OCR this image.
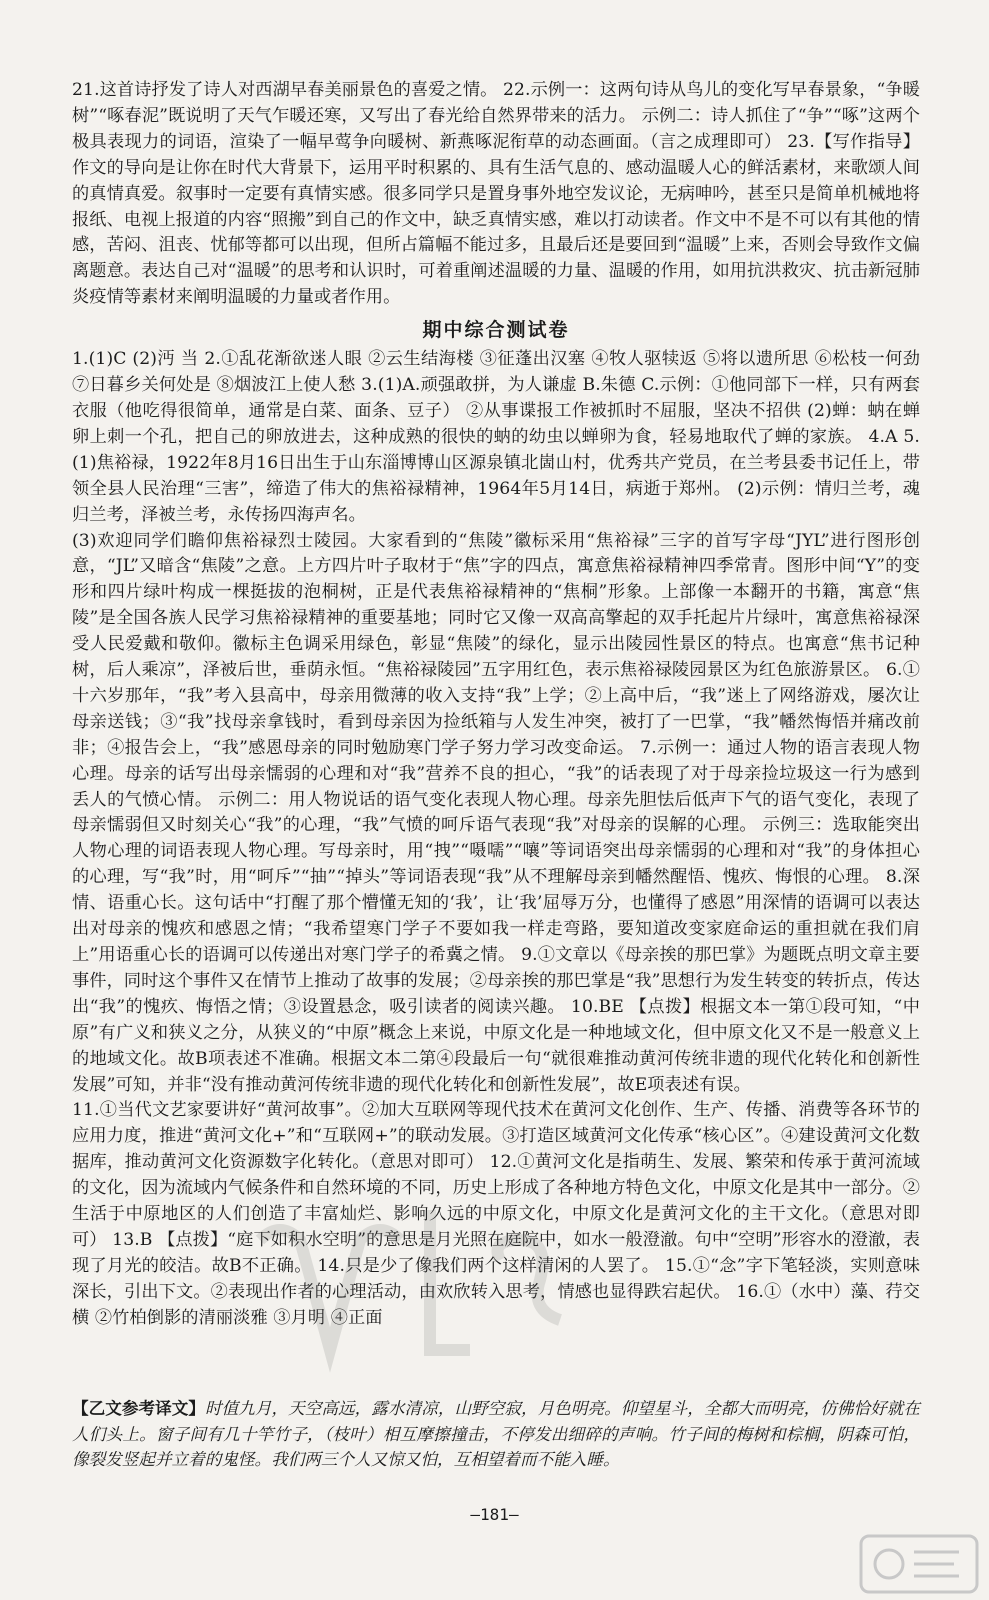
21.这首诗抒发了诗人对西湖早春美丽景色的喜爱之情。 22.示例一：这两句诗从鸟儿的变化写早春景象，“争暖树”“啄春泥”既说明了天气乍暖还寒，又写出了春光给自然界带来的活力。 示例二：诗人抓住了“争”“啄”这两个极具表现力的词语，渲染了一幅早莺争向暖树、新燕啄泥衔草的动态画面。（言之成理即可） 23.【写作指导】作文的导向是让你在时代大背景下，运用平时积累的、具有生活气息的、感动温暖人心的鲜活素材，来歌颂人间的真情真爱。叙事时一定要有真情实感。很多同学只是置身事外地空发议论，无病呻吟，甚至只是简单机械地将报纸、电视上报道的内容“照搬”到自己的作文中，缺乏真情实感，难以打动读者。作文中不是不可以有其他的情感，苦闷、沮丧、忧郁等都可以出现，但所占篇幅不能过多，且最后还是要回到“温暖”上来，否则会导致作文偏离题意。表达自己对“温暖”的思考和认识时，可着重阐述温暖的力量、温暖的作用，如用抗洪救灾、抗击新冠肺炎疫情等素材来阐明温暖的力量或者作用。

期中综合测试卷

1.(1)C (2)沔 当 2.①乱花渐欲迷人眼 ②云生结海楼 ③征蓬出汉塞 ④牧人驱犊返 ⑤将以遗所思 ⑥松枝一何劲 ⑦日暮乡关何处是 ⑧烟波江上使人愁 3.(1)A.顽强敢拼，为人谦虚 B.朱德 C.示例：①他同部下一样，只有两套衣服（他吃得很简单，通常是白菜、面条、豆子） ②从事谍报工作被抓时不屈服，坚决不招供 (2)蝉：蚋在蝉卵上刺一个孔，把自己的卵放进去，这种成熟的很快的蚋的幼虫以蝉卵为食，轻易地取代了蝉的家族。 4.A 5.(1)焦裕禄，1922年8月16日出生于山东淄博博山区源泉镇北崮山村，优秀共产党员，在兰考县委书记任上，带领全县人民治理“三害”，缔造了伟大的焦裕禄精神，1964年5月14日，病逝于郑州。 (2)示例：情归兰考，魂归兰考，泽被兰考，永传扬四海声名。

(3)欢迎同学们瞻仰焦裕禄烈士陵园。大家看到的“焦陵”徽标采用“焦裕禄”三字的首写字母“JYL”进行图形创意，“JL”又暗含“焦陵”之意。上方四片叶子取材于“焦”字的四点，寓意焦裕禄精神四季常青。图形中间“Y”的变形和四片绿叶构成一棵挺拔的泡桐树，正是代表焦裕禄精神的“焦桐”形象。上部像一本翻开的书籍，寓意“焦陵”是全国各族人民学习焦裕禄精神的重要基地；同时它又像一双高高擎起的双手托起片片绿叶，寓意焦裕禄深受人民爱戴和敬仰。徽标主色调采用绿色，彰显“焦陵”的绿化，显示出陵园性景区的特点。也寓意“焦书记种树，后人乘凉”，泽被后世，垂荫永恒。“焦裕禄陵园”五字用红色，表示焦裕禄陵园景区为红色旅游景区。 6.①十六岁那年，“我”考入县高中，母亲用微薄的收入支持“我”上学；②上高中后，“我”迷上了网络游戏，屡次让母亲送钱；③“我”找母亲拿钱时，看到母亲因为捡纸箱与人发生冲突，被打了一巴掌，“我”幡然悔悟并痛改前非；④报告会上，“我”感恩母亲的同时勉励寒门学子努力学习改变命运。 7.示例一：通过人物的语言表现人物心理。母亲的话写出母亲懦弱的心理和对“我”营养不良的担心，“我”的话表现了对于母亲捡垃圾这一行为感到丢人的气愤心情。 示例二：用人物说话的语气变化表现人物心理。母亲先胆怯后低声下气的语气变化，表现了母亲懦弱但又时刻关心“我”的心理，“我”气愤的呵斥语气表现“我”对母亲的误解的心理。 示例三：选取能突出人物心理的词语表现人物心理。写母亲时，用“拽”“嗫嚅”“嚷”等词语突出母亲懦弱的心理和对“我”的身体担心的心理，写“我”时，用“呵斥”“抽”“掉头”等词语表现“我”从不理解母亲到幡然醒悟、愧疚、悔恨的心理。 8.深情、语重心长。这句话中“打醒了那个懵懂无知的‘我’，让‘我’屈辱万分，也懂得了感恩”用深情的语调可以表达出对母亲的愧疚和感恩之情；“我希望寒门学子不要如我一样走弯路，要知道改变家庭命运的重担就在我们肩上”用语重心长的语调可以传递出对寒门学子的希冀之情。 9.①文章以《母亲挨的那巴掌》为题既点明文章主要事件，同时这个事件又在情节上推动了故事的发展；②母亲挨的那巴掌是“我”思想行为发生转变的转折点，传达出“我”的愧疚、悔悟之情；③设置悬念，吸引读者的阅读兴趣。 10.BE 【点拨】根据文本一第①段可知，“中原”有广义和狭义之分，从狭义的“中原”概念上来说，中原文化是一种地域文化，但中原文化又不是一般意义上的地域文化。故B项表述不准确。根据文本二第④段最后一句“就很难推动黄河传统非遗的现代化转化和创新性发展”可知，并非“没有推动黄河传统非遗的现代化转化和创新性发展”，故E项表述有误。

11.①当代文艺家要讲好“黄河故事”。②加大互联网等现代技术在黄河文化创作、生产、传播、消费等各环节的应用力度，推进“黄河文化+”和“互联网+”的联动发展。③打造区域黄河文化传承“核心区”。④建设黄河文化数据库，推动黄河文化资源数字化转化。（意思对即可） 12.①黄河文化是指萌生、发展、繁荣和传承于黄河流域的文化，因为流域内气候条件和自然环境的不同，历史上形成了各种地方特色文化，中原文化是其中一部分。②生活于中原地区的人们创造了丰富灿烂、影响久远的中原文化，中原文化是黄河文化的主干文化。（意思对即可） 13.B 【点拨】“庭下如积水空明”的意思是月光照在庭院中，如水一般澄澈。句中“空明”形容水的澄澈，表现了月光的皎洁。故B不正确。 14.只是少了像我们两个这样清闲的人罢了。 15.①“念”字下笔轻淡，实则意味深长，引出下文。②表现出作者的心理活动，由欢欣转入思考，情感也显得跌宕起伏。 16.①（水中）藻、荇交横 ②竹柏倒影的清丽淡雅 ③月明 ④正面

【乙文参考译文】时值九月，天空高远，露水清凉，山野空寂，月色明亮。仰望星斗，全都大而明亮，仿佛恰好就在人们头上。窗子间有几十竿竹子，（枝叶）相互摩擦撞击，不停发出细碎的声响。竹子间的梅树和棕榈，阴森可怕，像裂发竖起并立着的鬼怪。我们两三个人又惊又怕，互相望着而不能入睡。
—181—
